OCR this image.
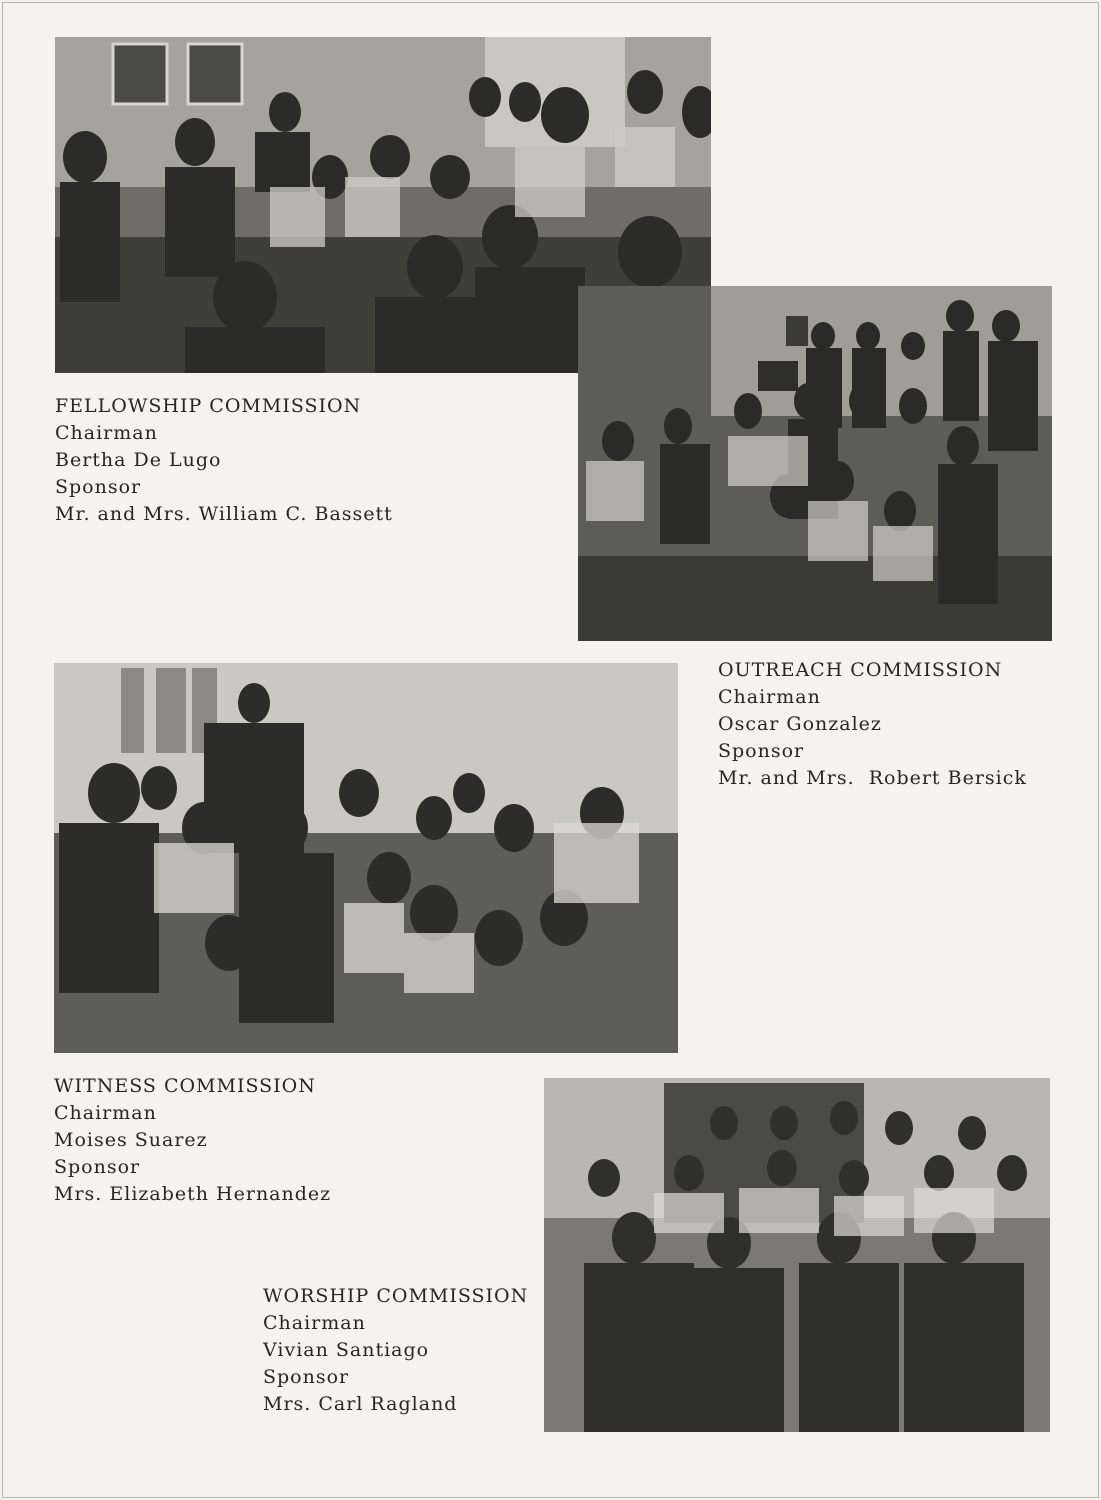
FELLOWSHIP COMMISSION
Chairman
Bertha De Lugo
Sponsor
Mr. and Mrs. William C. Bassett
OUTREACH COMMISSION
Chairman
Oscar Gonzalez
Sponsor
Mr. and Mrs.  Robert Bersick
WITNESS COMMISSION
Chairman
Moises Suarez
Sponsor
Mrs. Elizabeth Hernandez
WORSHIP COMMISSION
Chairman
Vivian Santiago
Sponsor
Mrs. Carl Ragland
